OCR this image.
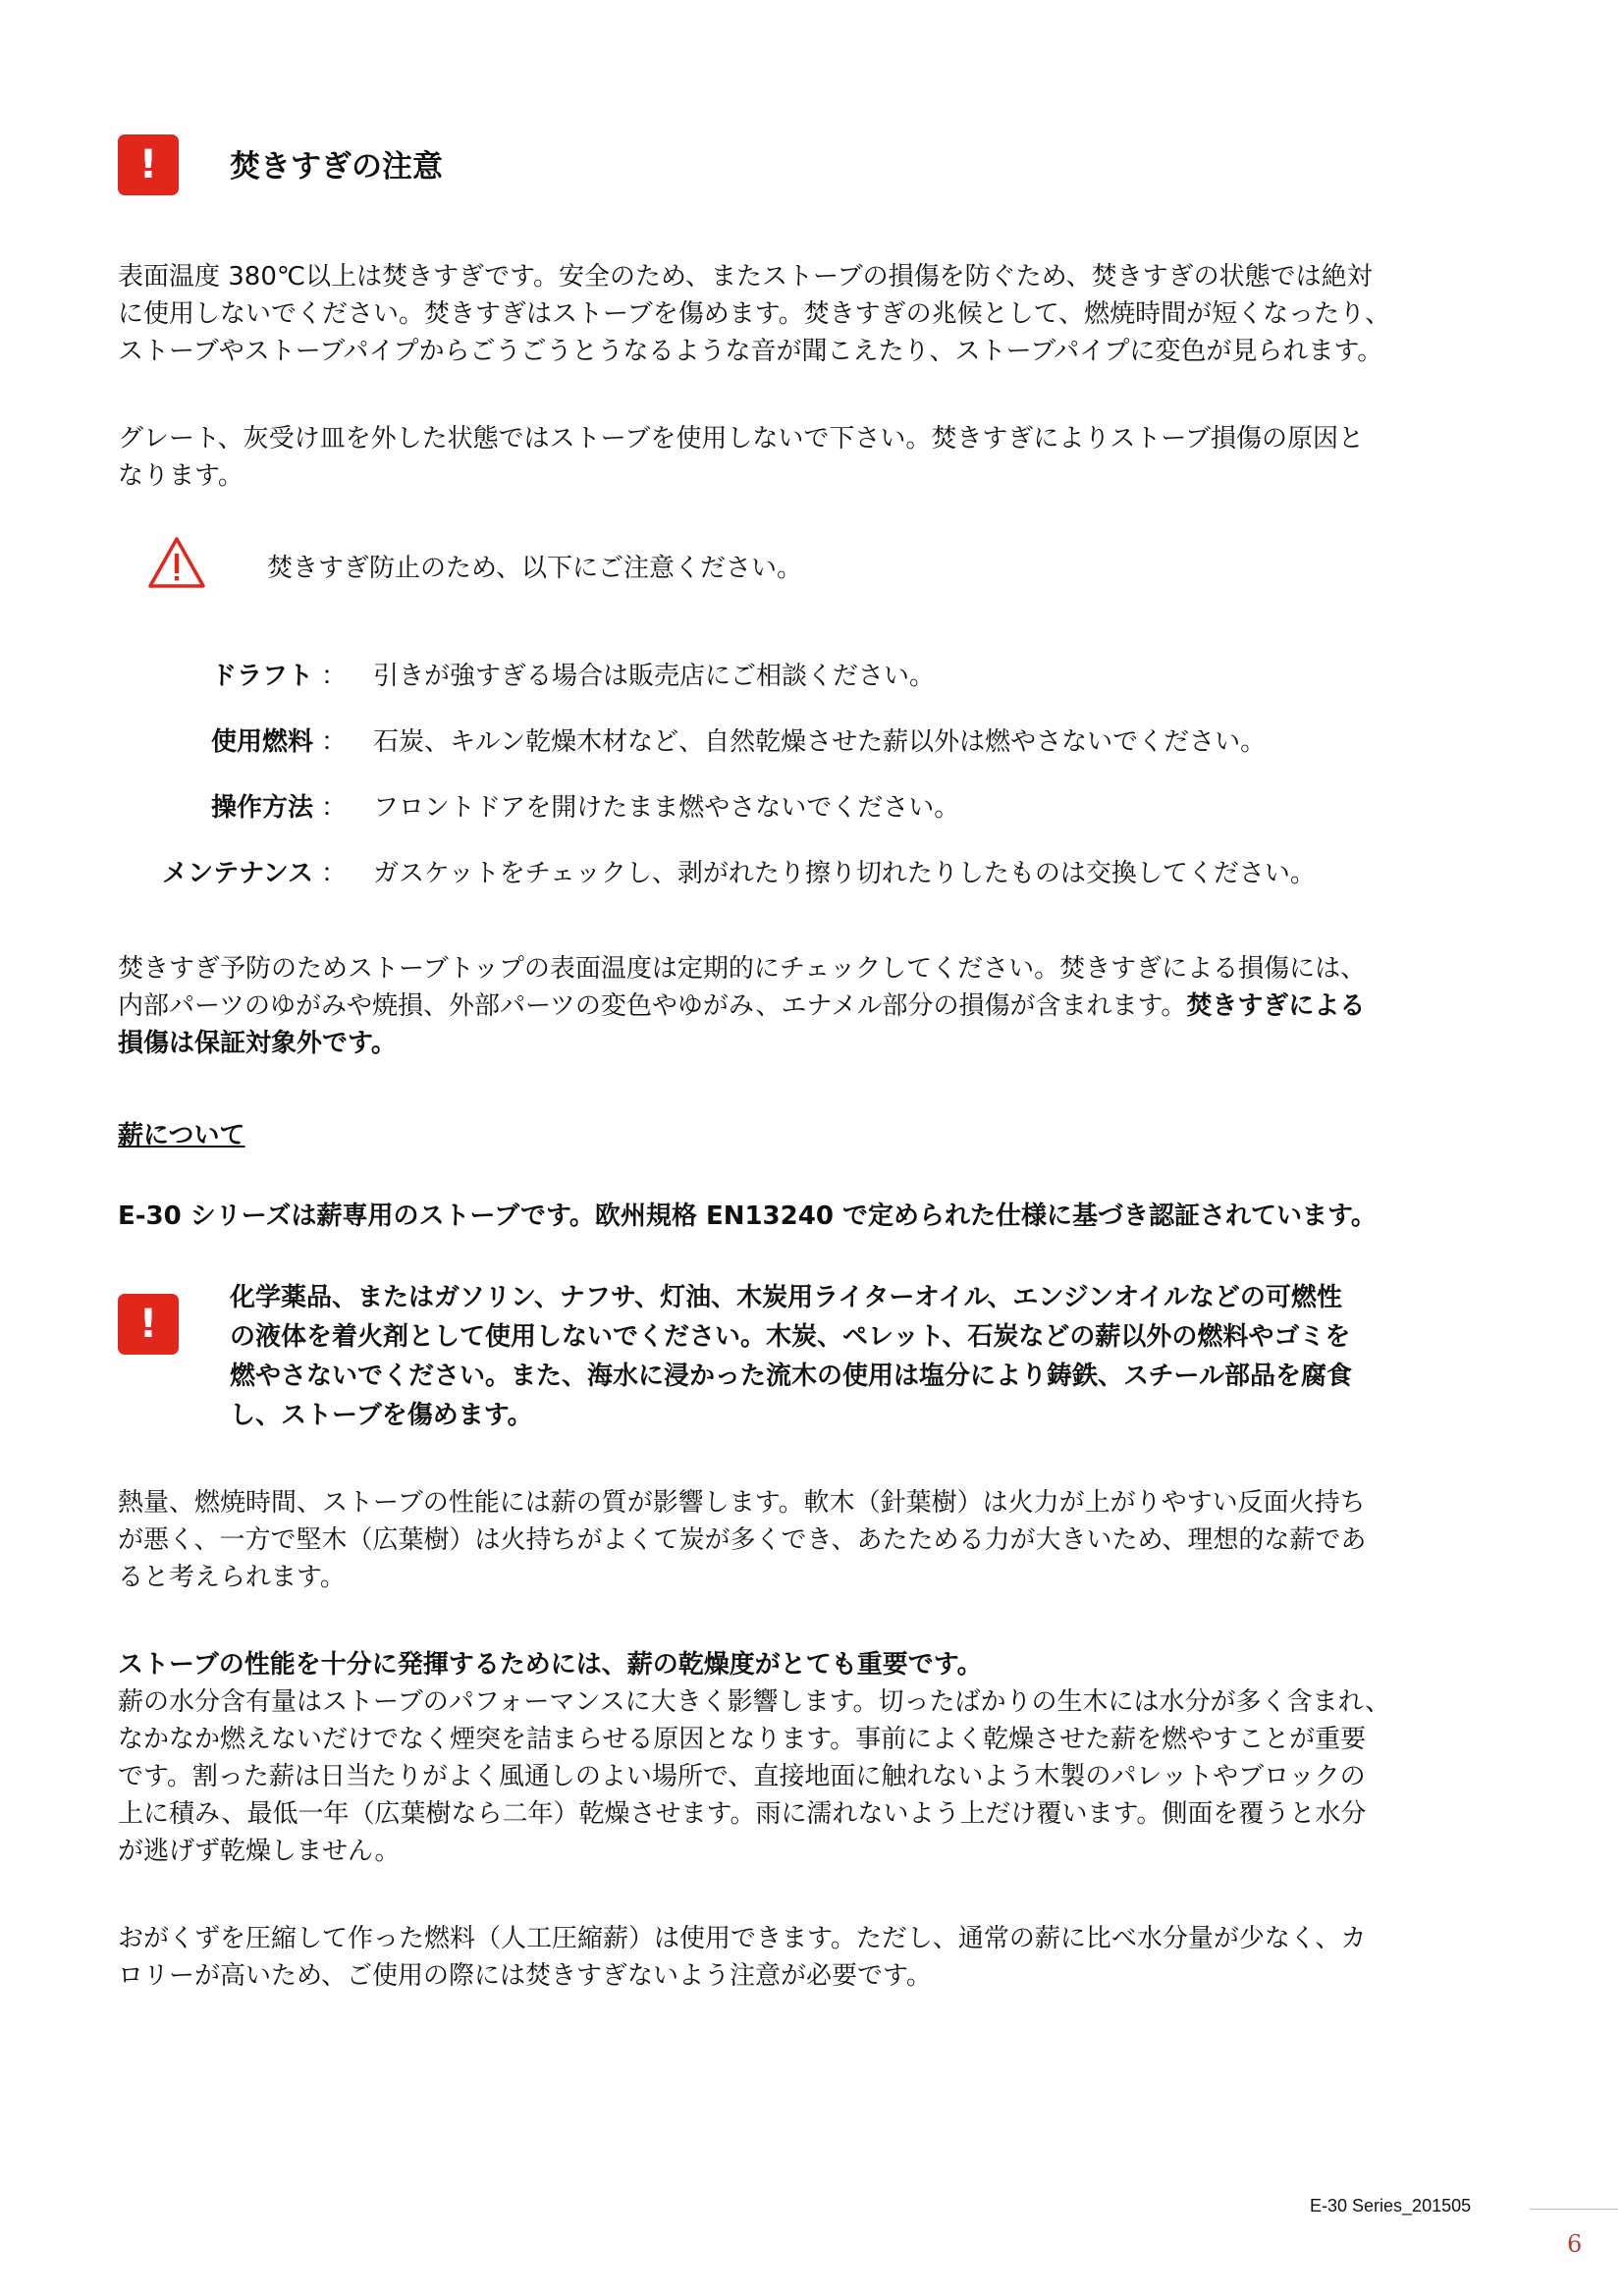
!	焚きすぎの注意
表面温度 380℃以上は焚きすぎです。安全のため、またストーブの損傷を防ぐため、焚きすぎの状態では絶対
に使用しないでください。焚きすぎはストーブを傷めます。焚きすぎの兆候として、燃焼時間が短くなったり、
ストーブやストーブパイプからごうごうとうなるような音が聞こえたり、ストーブパイプに変色が見られます。
グレート、灰受け皿を外した状態ではストーブを使用しないで下さい。焚きすぎによりストーブ損傷の原因と
なります。
焚きすぎ防止のため、以下にご注意ください。
ドラフト ： 引きが強すぎる場合は販売店にご相談ください。
使用燃料 ： 石炭、キルン乾燥木材など、自然乾燥させた薪以外は燃やさないでください。
操作方法 ： フロントドアを開けたまま燃やさないでください。
メンテナンス ： ガスケットをチェックし、剥がれたり擦り切れたりしたものは交換してください。
焚きすぎ予防のためストーブトップの表面温度は定期的にチェックしてください。焚きすぎによる損傷には、
内部パーツのゆがみや焼損、外部パーツの変色やゆがみ、エナメル部分の損傷が含まれます。焚きすぎによる
損傷は保証対象外です。
薪について
E-30 シリーズは薪専用のストーブです。欧州規格 EN13240 で定められた仕様に基づき認証されています。
!
化学薬品、またはガソリン、ナフサ、灯油、木炭用ライターオイル、エンジンオイルなどの可燃性
の液体を着火剤として使用しないでください。木炭、ペレット、石炭などの薪以外の燃料やゴミを
燃やさないでください。また、海水に浸かった流木の使用は塩分により鋳鉄、スチール部品を腐食
し、ストーブを傷めます。
熱量、燃焼時間、ストーブの性能には薪の質が影響します。軟木（針葉樹）は火力が上がりやすい反面火持ち
が悪く、一方で堅木（広葉樹）は火持ちがよくて炭が多くでき、あたためる力が大きいため、理想的な薪であ
ると考えられます。
ストーブの性能を十分に発揮するためには、薪の乾燥度がとても重要です。
薪の水分含有量はストーブのパフォーマンスに大きく影響します。切ったばかりの生木には水分が多く含まれ、
なかなか燃えないだけでなく煙突を詰まらせる原因となります。事前によく乾燥させた薪を燃やすことが重要
です。割った薪は日当たりがよく風通しのよい場所で、直接地面に触れないよう木製のパレットやブロックの
上に積み、最低一年（広葉樹なら二年）乾燥させます。雨に濡れないよう上だけ覆います。側面を覆うと水分
が逃げず乾燥しません。
おがくずを圧縮して作った燃料（人工圧縮薪）は使用できます。ただし、通常の薪に比べ水分量が少なく、カ
ロリーが高いため、ご使用の際には焚きすぎないよう注意が必要です。
E-30 Series_201505
6
